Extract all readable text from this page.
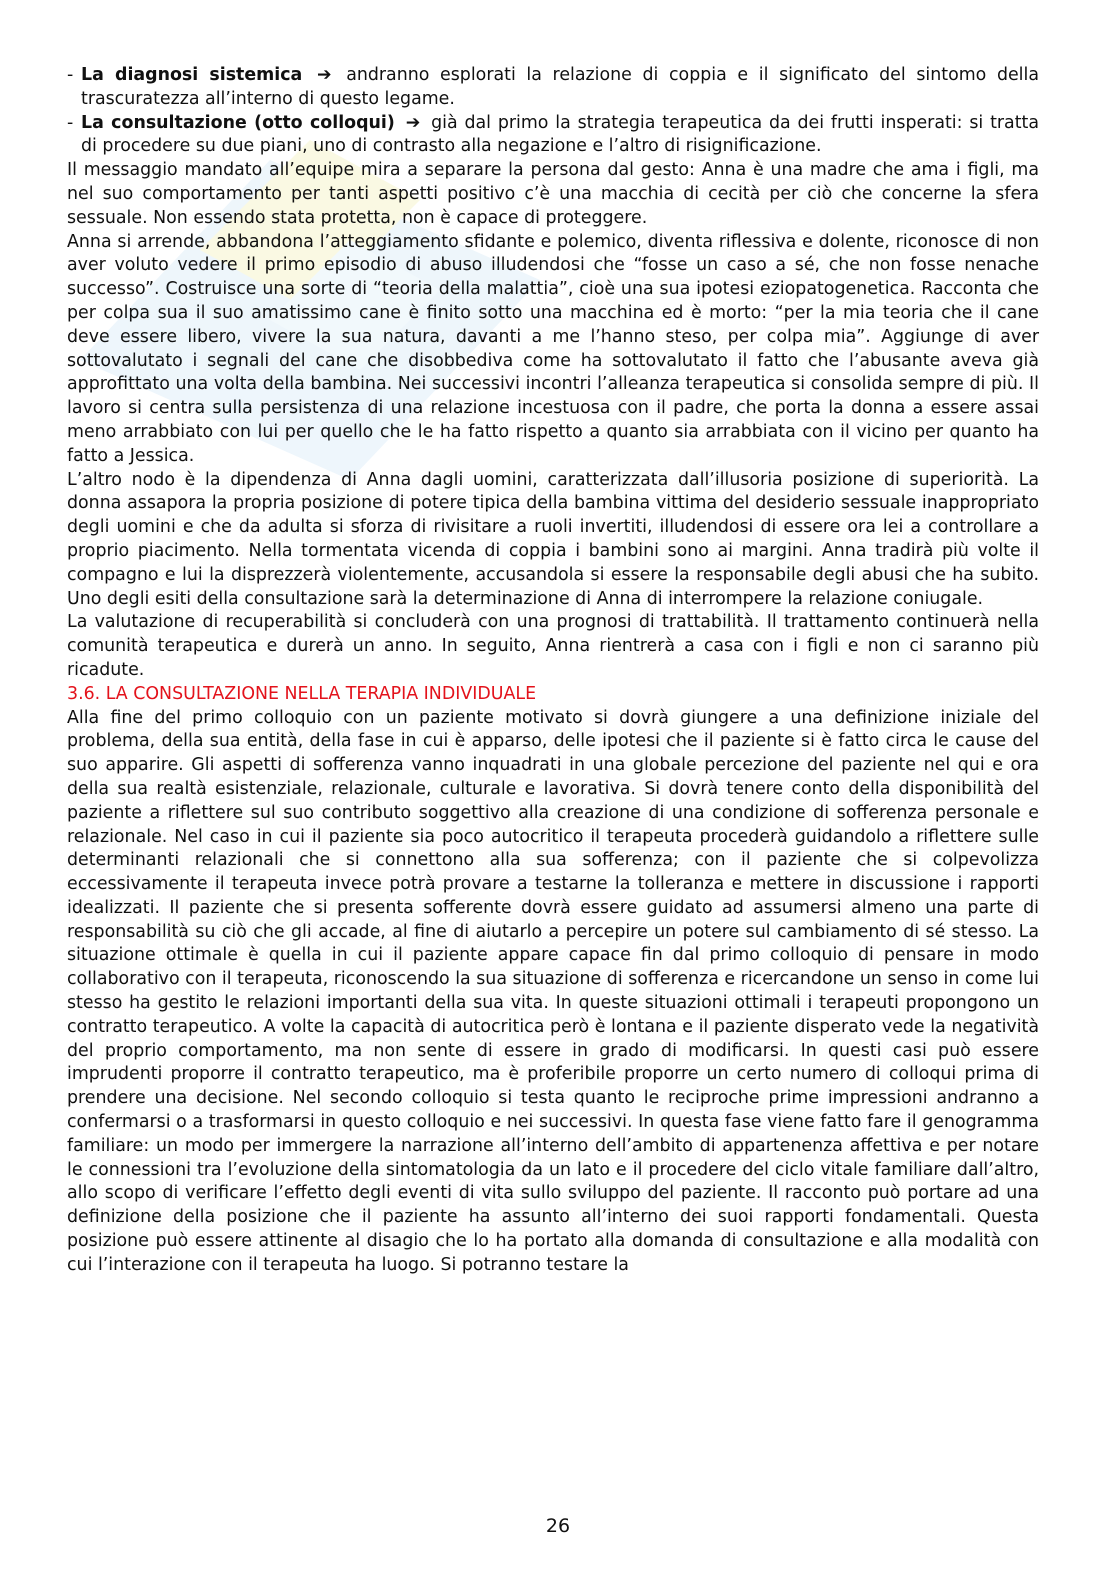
- La diagnosi sistemica ➔ andranno esplorati la relazione di coppia e il significato del sintomo della trascuratezza all’interno di questo legame.

- La consultazione (otto colloqui) ➔ già dal primo la strategia terapeutica da dei frutti insperati: si tratta di procedere su due piani, uno di contrasto alla negazione e l’altro di risignificazione.

Il messaggio mandato all’equipe mira a separare la persona dal gesto: Anna è una madre che ama i figli, ma nel suo comportamento per tanti aspetti positivo c’è una macchia di cecità per ciò che concerne la sfera sessuale. Non essendo stata protetta, non è capace di proteggere.

Anna si arrende, abbandona l’atteggiamento sfidante e polemico, diventa riflessiva e dolente, riconosce di non aver voluto vedere il primo episodio di abuso illudendosi che “fosse un caso a sé, che non fosse nenache successo”. Costruisce una sorte di “teoria della malattia”, cioè una sua ipotesi eziopatogenetica. Racconta che per colpa sua il suo amatissimo cane è finito sotto una macchina ed è morto: “per la mia teoria che il cane deve essere libero, vivere la sua natura, davanti a me l’hanno steso, per colpa mia”. Aggiunge di aver sottovalutato i segnali del cane che disobbediva come ha sottovalutato il fatto che l’abusante aveva già approfittato una volta della bambina. Nei successivi incontri l’alleanza terapeutica si consolida sempre di più. Il lavoro si centra sulla persistenza di una relazione incestuosa con il padre, che porta la donna a essere assai meno arrabbiato con lui per quello che le ha fatto rispetto a quanto sia arrabbiata con il vicino per quanto ha fatto a Jessica.

L’altro nodo è la dipendenza di Anna dagli uomini, caratterizzata dall’illusoria posizione di superiorità. La donna assapora la propria posizione di potere tipica della bambina vittima del desiderio sessuale inappropriato degli uomini e che da adulta si sforza di rivisitare a ruoli invertiti, illudendosi di essere ora lei a controllare a proprio piacimento. Nella tormentata vicenda di coppia i bambini sono ai margini. Anna tradirà più volte il compagno e lui la disprezzerà violentemente, accusandola si essere la responsabile degli abusi che ha subito. Uno degli esiti della consultazione sarà la determinazione di Anna di interrompere la relazione coniugale.

La valutazione di recuperabilità si concluderà con una prognosi di trattabilità. Il trattamento continuerà nella comunità terapeutica e durerà un anno. In seguito, Anna rientrerà a casa con i figli e non ci saranno più ricadute.

3.6. LA CONSULTAZIONE NELLA TERAPIA INDIVIDUALE

Alla fine del primo colloquio con un paziente motivato si dovrà giungere a una definizione iniziale del problema, della sua entità, della fase in cui è apparso, delle ipotesi che il paziente si è fatto circa le cause del suo apparire. Gli aspetti di sofferenza vanno inquadrati in una globale percezione del paziente nel qui e ora della sua realtà esistenziale, relazionale, culturale e lavorativa. Si dovrà tenere conto della disponibilità del paziente a riflettere sul suo contributo soggettivo alla creazione di una condizione di sofferenza personale e relazionale. Nel caso in cui il paziente sia poco autocritico il terapeuta procederà guidandolo a riflettere sulle determinanti relazionali che si connettono alla sua sofferenza; con il paziente che si colpevolizza eccessivamente il terapeuta invece potrà provare a testarne la tolleranza e mettere in discussione i rapporti idealizzati. Il paziente che si presenta sofferente dovrà essere guidato ad assumersi almeno una parte di responsabilità su ciò che gli accade, al fine di aiutarlo a percepire un potere sul cambiamento di sé stesso. La situazione ottimale è quella in cui il paziente appare capace fin dal primo colloquio di pensare in modo collaborativo con il terapeuta, riconoscendo la sua situazione di sofferenza e ricercandone un senso in come lui stesso ha gestito le relazioni importanti della sua vita. In queste situazioni ottimali i terapeuti propongono un contratto terapeutico. A volte la capacità di autocritica però è lontana e il paziente disperato vede la negatività del proprio comportamento, ma non sente di essere in grado di modificarsi. In questi casi può essere imprudenti proporre il contratto terapeutico, ma è proferibile proporre un certo numero di colloqui prima di prendere una decisione. Nel secondo colloquio si testa quanto le reciproche prime impressioni andranno a confermarsi o a trasformarsi in questo colloquio e nei successivi. In questa fase viene fatto fare il genogramma familiare: un modo per immergere la narrazione all’interno dell’ambito di appartenenza affettiva e per notare le connessioni tra l’evoluzione della sintomatologia da un lato e il procedere del ciclo vitale familiare dall’altro, allo scopo di verificare l’effetto degli eventi di vita sullo sviluppo del paziente. Il racconto può portare ad una definizione della posizione che il paziente ha assunto all’interno dei suoi rapporti fondamentali. Questa posizione può essere attinente al disagio che lo ha portato alla domanda di consultazione e alla modalità con cui l’interazione con il terapeuta ha luogo. Si potranno testare la

26
